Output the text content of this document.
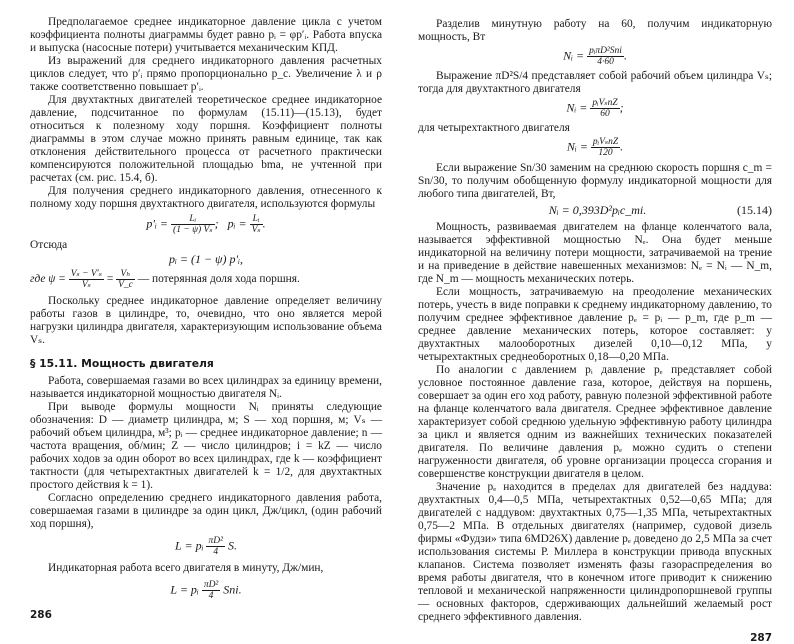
Предполагаемое среднее индикаторное давление цикла с учетом коэффициента полноты диаграммы будет равно pᵢ = φp′ᵢ. Работа впуска и выпуска (насосные потери) учитывается механическим КПД.

Из выражений для среднего индикаторного давления расчетных циклов следует, что p′ᵢ прямо пропорционально p_c. Увеличение λ и ρ также соответственно повышает p′ᵢ.

Для двухтактных двигателей теоретическое среднее индикаторное давление, подсчитанное по формулам (15.11)—(15.13), будет относиться к полезному ходу поршня. Коэффициент полноты диаграммы в этом случае можно принять равным единице, так как отклонения действительного процесса от расчетного практически компенсируются положительной площадью bma, не учтенной при расчетах (см. рис. 15.4, б).

Для получения среднего индикаторного давления, отнесенного к полному ходу поршня двухтактного двигателя, используются формулы

p′ᵢ = $\frac{\text{Lᵢ}}{\text{(1 − ψ) Vₛ}}$ ; pᵢ = $\frac{\text{Lᵢ}}{\text{Vₛ}}$ .

Отсюда

pᵢ = (1 − ψ) p′ᵢ,

где $\psi = \frac{\text{Vₛ − V′ₛ}}{\text{Vₛ}} = \frac{\text{Vₕ}}{V\_c}$ — потерянная доля хода поршня.

Поскольку среднее индикаторное давление определяет величину работы газов в цилиндре, то, очевидно, что оно является мерой нагрузки цилиндра двигателя, характеризующим использование объема Vₛ.

§ 15.11. Мощность двигателя

Работа, совершаемая газами во всех цилиндрах за единицу времени, называется индикаторной мощностью двигателя Nᵢ.

При выводе формулы мощности Nᵢ приняты следующие обозначения: D — диаметр цилиндра, м; S — ход поршня, м; Vₛ — рабочий объем цилиндра, м³; pᵢ — среднее индикаторное давление; n — частота вращения, об/мин; Z — число цилиндров; i = kZ — число рабочих ходов за один оборот во всех цилиндрах, где k — коэффициент тактности (для четырехтактных двигателей k = 1/2, для двухтактных простого действия k = 1).

Согласно определению среднего индикаторного давления работа, совершаемая газами в цилиндре за один цикл, Дж/цикл, (один рабочий ход поршня),

L = pᵢ $\frac{\text{πD²}}{4} S$.

Индикаторная работа всего двигателя в минуту, Дж/мин,

L = pᵢ $\frac{\text{πD²}}{4}$ Sni.
286

Разделив минутную работу на 60, получим индикаторную мощность, Вт

Nᵢ = $\frac{\text{pᵢπD²Sni}}{4\cdot 60}$ .

Выражение πD²S/4 представляет собой рабочий объем цилиндра Vₛ; тогда для двухтактного двигателя

Nᵢ = $\frac{\text{pᵢVₛnZ}}{60}$ ;

для четырехтактного двигателя

Nᵢ = $\frac{\text{pᵢVₛnZ}}{120}$ .

Если выражение Sn/30 заменим на среднюю скорость поршня c_m = Sn/30, то получим обобщенную формулу индикаторной мощности для любого типа двигателей, Вт,

Nᵢ = 0,393D²pᵢc_mi.	(15.14)

Мощность, развиваемая двигателем на фланце коленчатого вала, называется эффективной мощностью Nₑ. Она будет меньше индикаторной на величину потери мощности, затрачиваемой на трение и на приведение в действие навешенных механизмов: Nₑ = Nᵢ — N_m, где N_m — мощность механических потерь.

Если мощность, затрачиваемую на преодоление механических потерь, учесть в виде поправки к среднему индикаторному давлению, то получим среднее эффективное давление pₑ = pᵢ — p_m, где p_m — среднее давление механических потерь, которое составляет: у двухтактных малооборотных дизелей 0,10—0,12 МПа, у четырехтактных среднеоборотных 0,18—0,20 МПа.

По аналогии с давлением pᵢ давление pₑ представляет собой условное постоянное давление газа, которое, действуя на поршень, совершает за один его ход работу, равную полезной эффективной работе на фланце коленчатого вала двигателя. Среднее эффективное давление характеризует собой среднюю удельную эффективную работу цилиндра за цикл и является одним из важнейших технических показателей двигателя. По величине давления pₑ можно судить о степени нагруженности двигателя, об уровне организации процесса сгорания и совершенстве конструкции двигателя в целом.

Значение pₑ находится в пределах для двигателей без наддува: двухтактных 0,4—0,5 МПа, четырехтактных 0,52—0,65 МПа; для двигателей с наддувом: двухтактных 0,75—1,35 МПа, четырехтактных 0,75—2 МПа. В отдельных двигателях (например, судовой дизель фирмы «Фудзи» типа 6MD26X) давление pₑ доведено до 2,5 МПа за счет использования системы Р. Миллера в конструкции привода впускных клапанов. Система позволяет изменять фазы газораспределения во время работы двигателя, что в конечном итоге приводит к снижению тепловой и механической напряженности цилиндропоршневой группы — основных факторов, сдерживающих дальнейший желаемый рост среднего эффективного давления.

287
